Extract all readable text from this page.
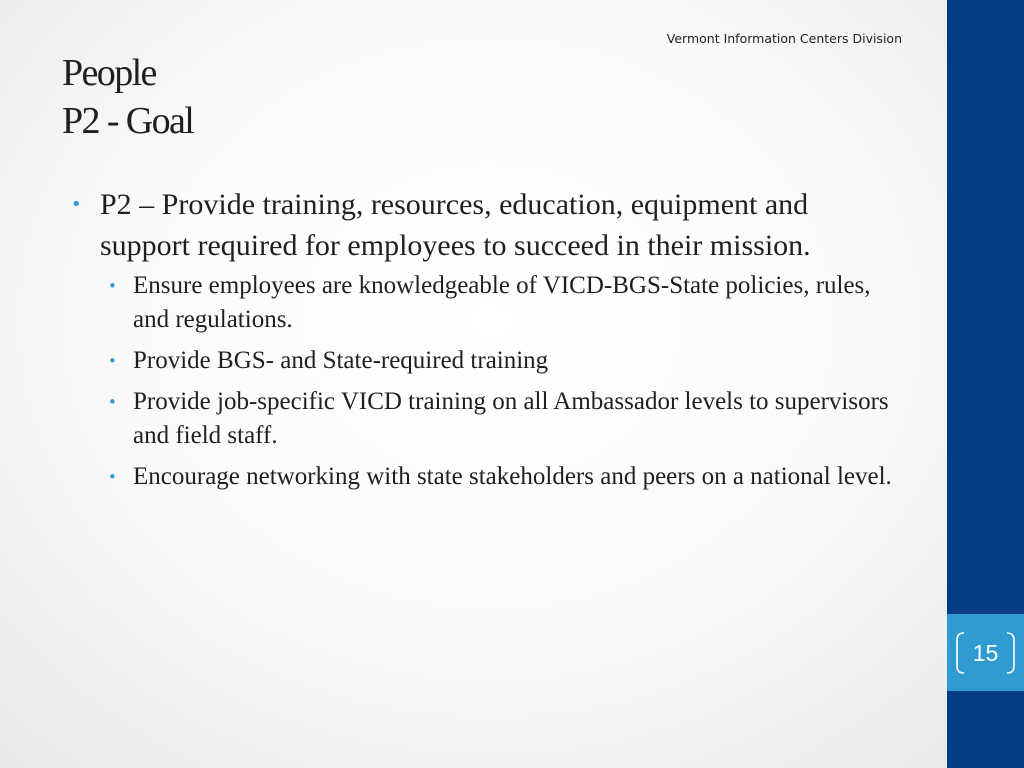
Vermont Information Centers Division
People
P2 - Goal
• P2 – Provide training, resources, education, equipment and support required for employees to succeed in their mission.
• Ensure employees are knowledgeable of VICD-BGS-State policies, rules, and regulations.
• Provide BGS- and State-required training
• Provide job-specific VICD training on all Ambassador levels to supervisors and field staff.
• Encourage networking with state stakeholders and peers on a national level.
15
